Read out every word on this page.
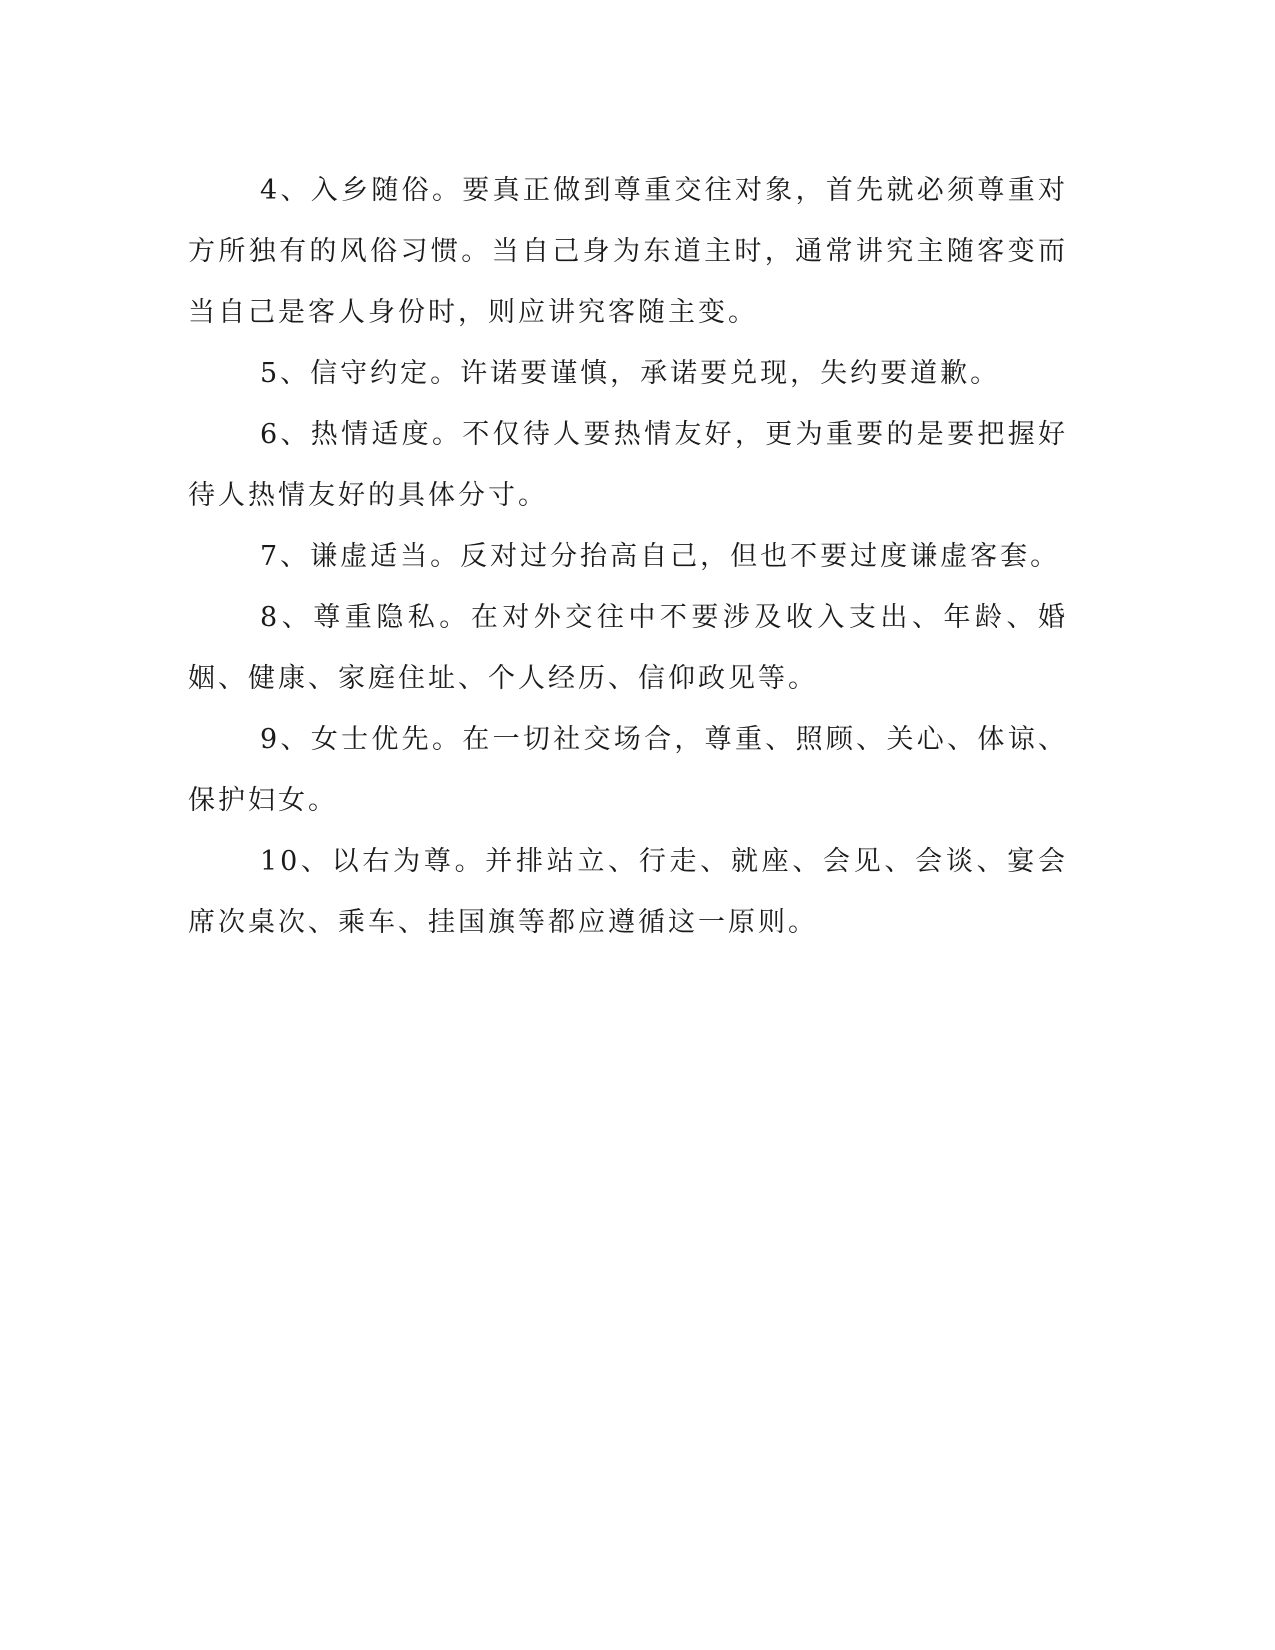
4、入乡随俗。要真正做到尊重交往对象，首先就必须尊重对方所独有的风俗习惯。当自己身为东道主时，通常讲究主随客变而当自己是客人身份时，则应讲究客随主变。

5、信守约定。许诺要谨慎，承诺要兑现，失约要道歉。

6、热情适度。不仅待人要热情友好，更为重要的是要把握好待人热情友好的具体分寸。

7、谦虚适当。反对过分抬高自己，但也不要过度谦虚客套。

8、尊重隐私。在对外交往中不要涉及收入支出、年龄、婚姻、健康、家庭住址、个人经历、信仰政见等。

9、女士优先。在一切社交场合，尊重、照顾、关心、体谅、保护妇女。

10、以右为尊。并排站立、行走、就座、会见、会谈、宴会席次桌次、乘车、挂国旗等都应遵循这一原则。
